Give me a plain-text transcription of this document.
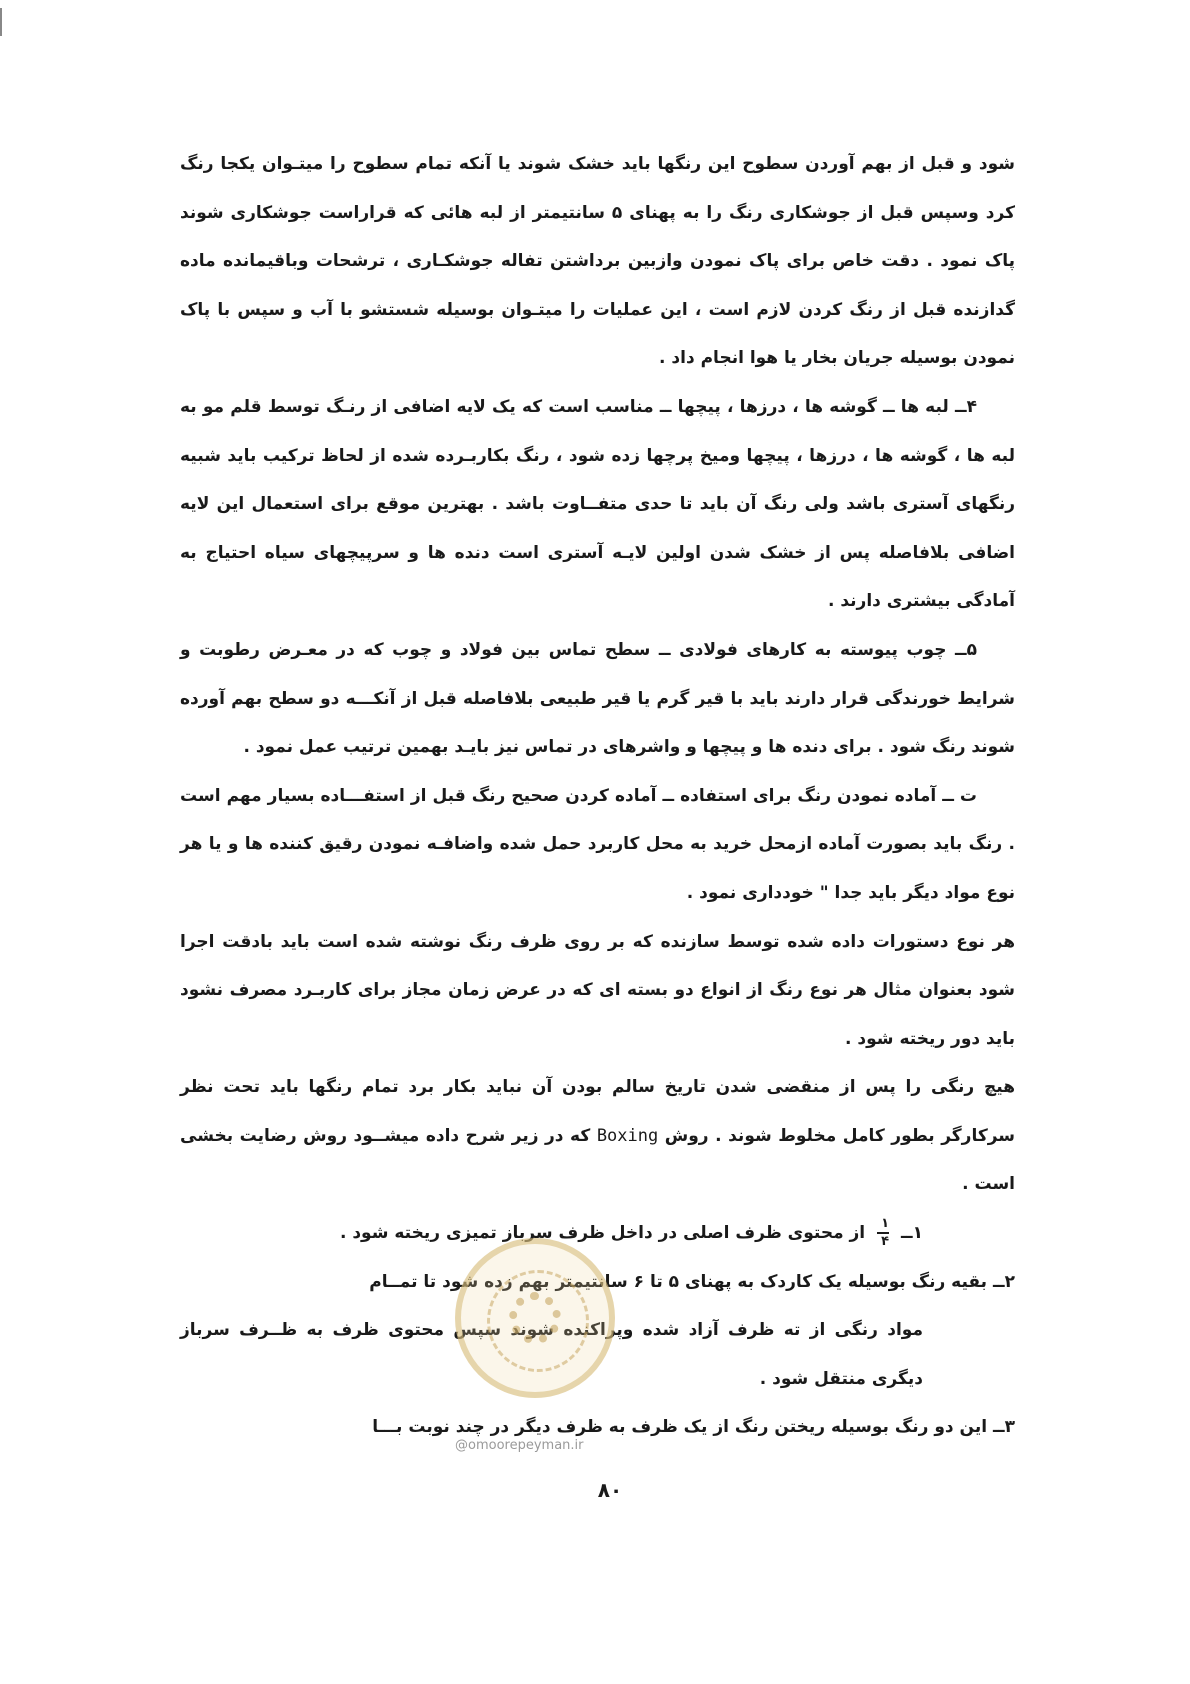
شود و قبل از بهم آوردن سطوح این رنگها باید خشک شوند یا آنکه تمام سطوح را میتـوان یکجا رنگ کرد وسپس قبل از جوشکاری رنگ را به پهنای ۵ سانتیمتر از لبه هائی که قراراست جوشکاری شوند پاک نمود . دقت خاص برای پاک نمودن وازبین برداشتن تفاله جوشکـاری ، ترشحات وباقیمانده ماده گدازنده قبل از رنگ کردن لازم است ، این عملیات را میتـوان بوسیله شستشو با آب و سپس با پاک نمودن بوسیله جریان بخار یا هوا انجام داد .

۴ــ لبه ها ــ گوشه ها ، درزها ، پیچها ــ مناسب است که یک لایه اضافی از رنـگ توسط قلم مو به لبه ها ، گوشه ها ، درزها ، پیچها ومیخ پرچها زده شود ، رنگ بکاربـرده شده از لحاظ ترکیب باید شبیه رنگهای آستری باشد ولی رنگ آن باید تا حدی متفــاوت باشد . بهترین موقع برای استعمال این لایه اضافی بلافاصله پس از خشک شدن اولین لایـه آستری است دنده ها و سرپیچهای سیاه احتیاج به آمادگی بیشتری دارند .

۵ــ چوب پیوسته به کارهای فولادی ــ سطح تماس بین فولاد و چوب که در معـرض رطوبت و شرایط خورندگی قرار دارند باید با قیر گرم یا قیر طبیعی بلافاصله قبل از آنکـــه دو سطح بهم آورده شوند رنگ شود . برای دنده ها و پیچها و واشرهای در تماس نیز بایـد بهمین ترتیب عمل نمود .

ت ــ آماده نمودن رنگ برای استفاده ــ آماده کردن صحیح رنگ قبل از استفـــاده بسیار مهم است . رنگ باید بصورت آماده ازمحل خرید به محل کاربرد حمل شده واضافـه نمودن رقیق کننده ها و یا هر نوع مواد دیگر باید جدا " خودداری نمود .

هر نوع دستورات داده شده توسط سازنده که بر روی ظرف رنگ نوشته شده است باید بادقت اجرا شود بعنوان مثال هر نوع رنگ از انواع دو بسته ای که در عرض زمان مجاز برای کاربـرد مصرف نشود باید دور ریخته شود .

هیچ رنگی را پس از منقضی شدن تاریخ سالم بودن آن نباید بکار برد تمام رنگها باید تحت نظر سرکارگر بطور کامل مخلوط شوند . روش Boxing که در زیر شرح داده میشــود روش رضایت بخشی است .

۱ــ
$\frac{۱}{۴}$
از محتوی ظرف اصلی در داخل ظرف سرباز تمیزی ریخته شود .

۲ــ بقیه رنگ بوسیله یک کاردک به پهنای ۵ تا ۶ سانتیمتر بهم زده شود تا تمــام

مواد رنگی از ته ظرف آزاد شده وپراکنده شوند سپس محتوی ظرف به ظــرف سرباز دیگری منتقل شود .

۳ــ این دو رنگ بوسیله ریختن رنگ از یک ظرف به ظرف دیگر در چند نوبت بـــا

@omoorepeyman.ir
۸۰
